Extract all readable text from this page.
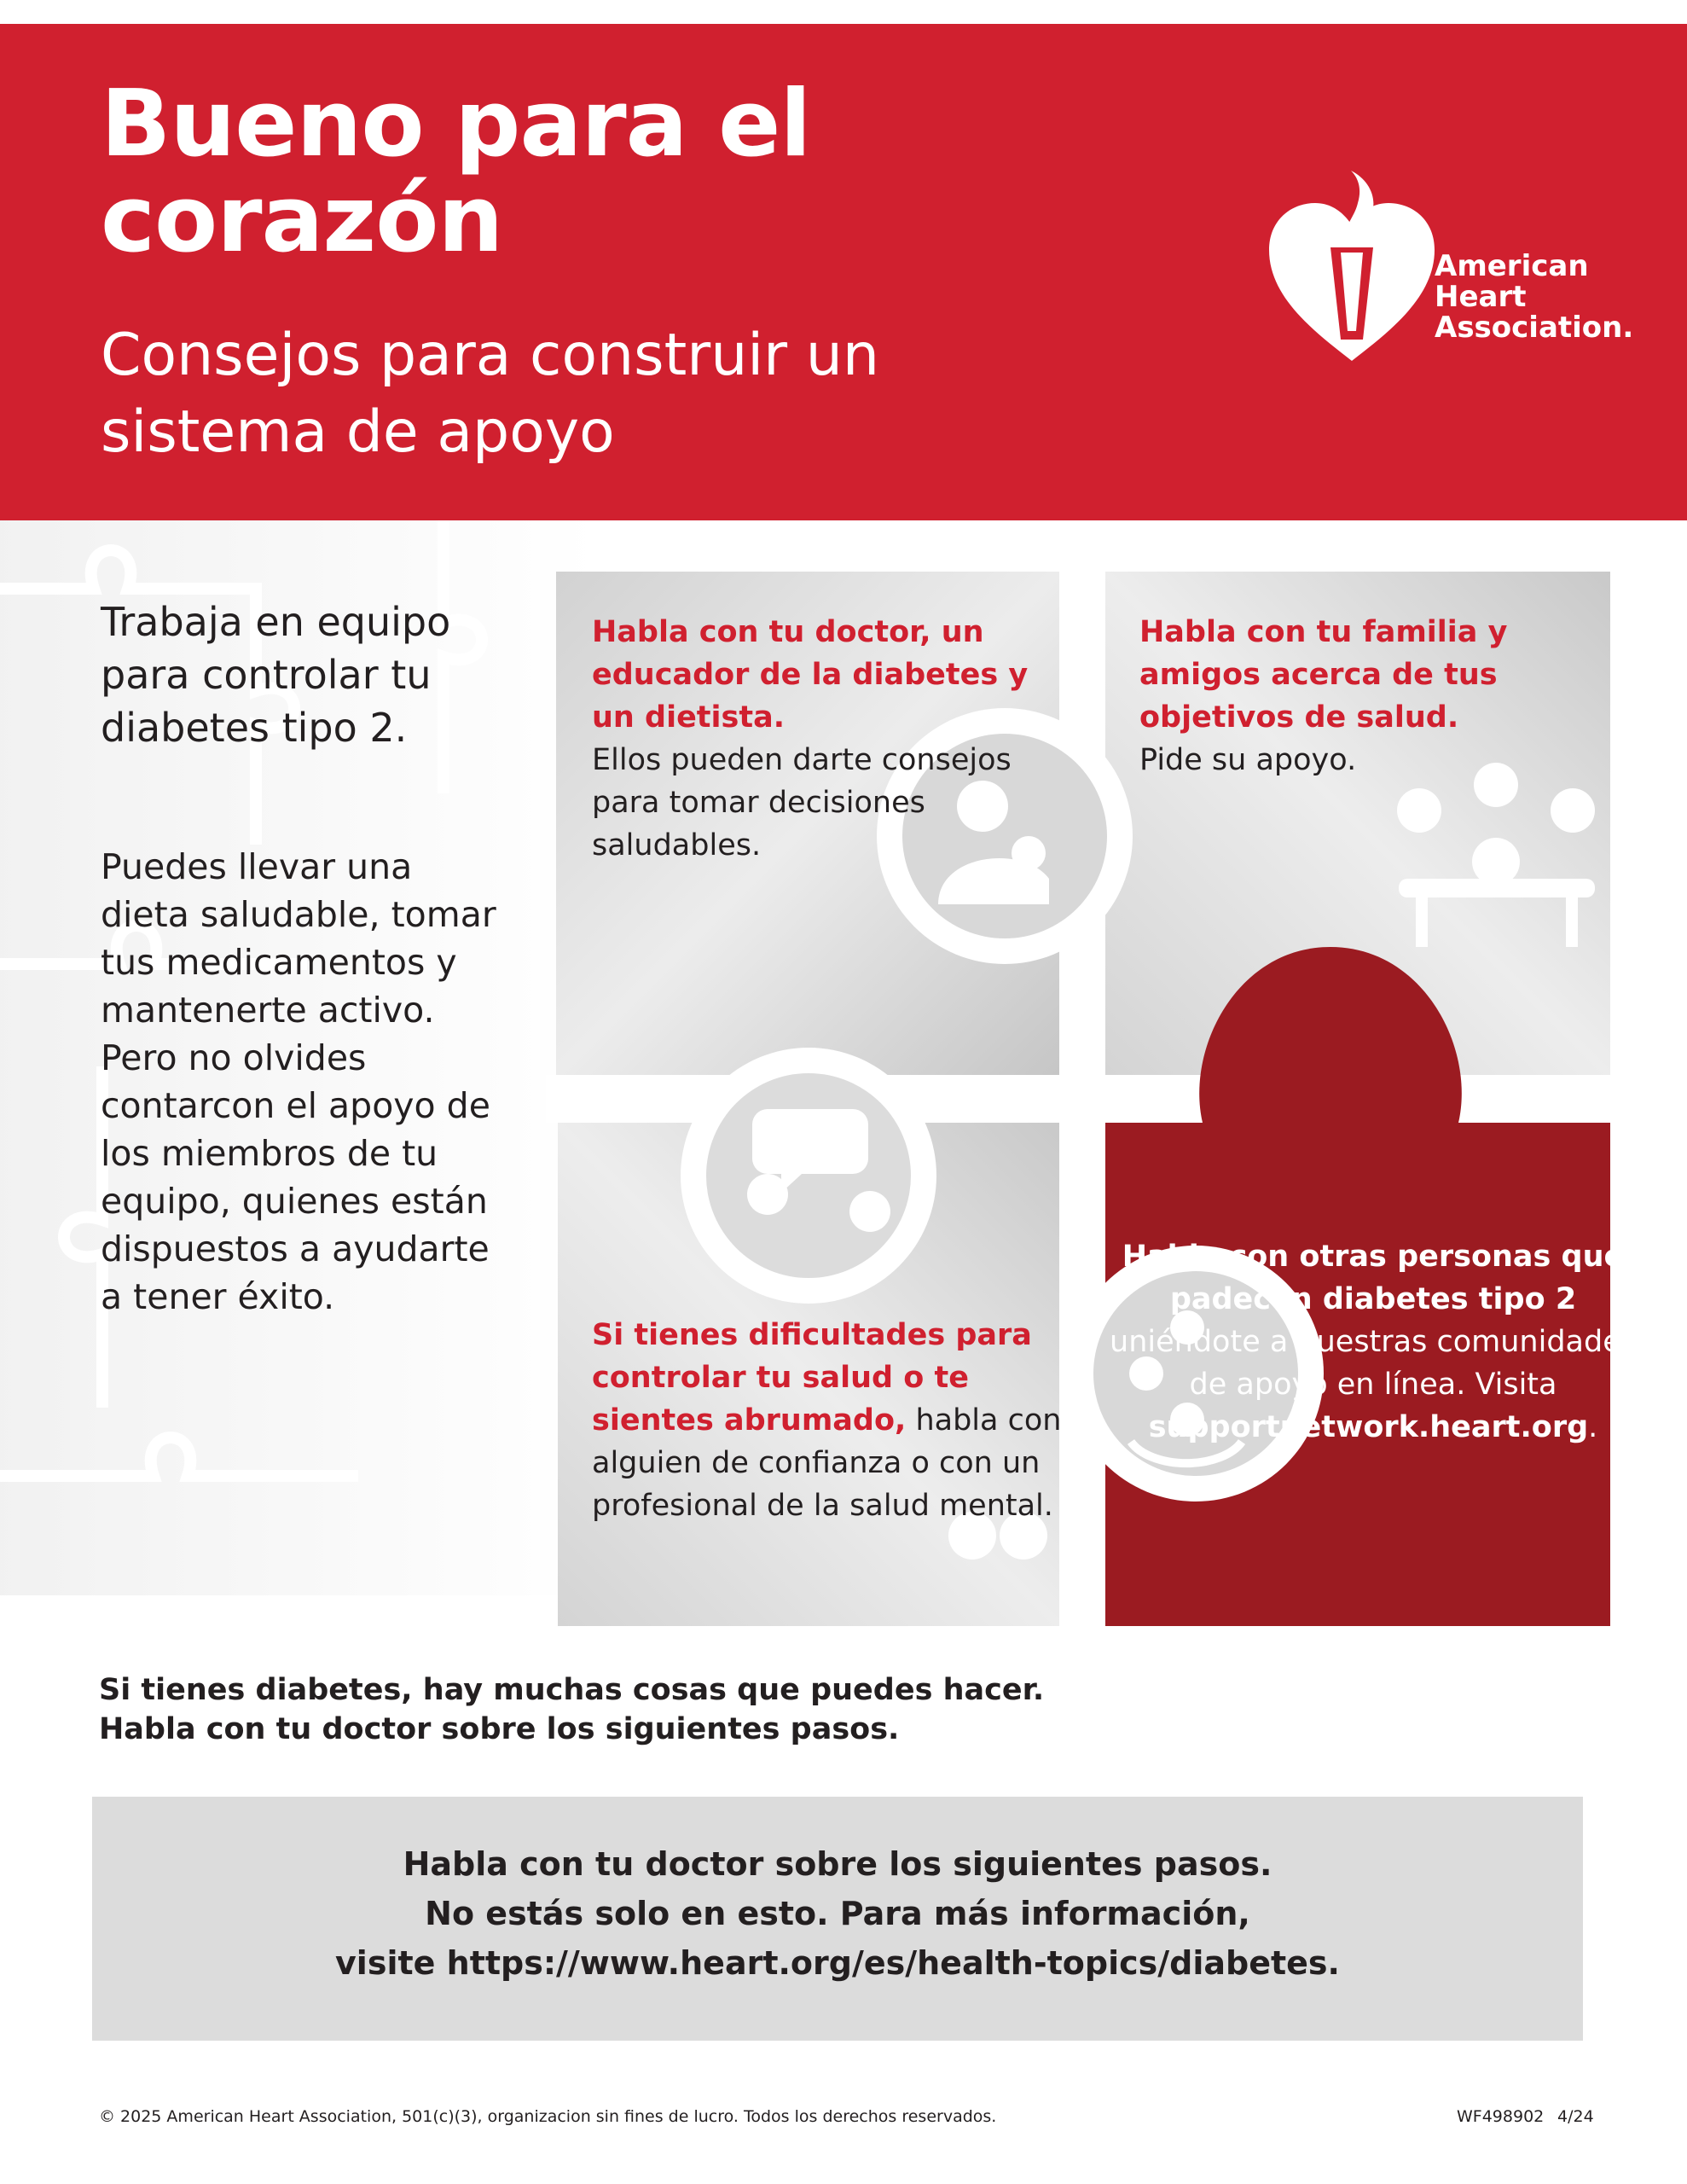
Bueno para el corazón

Consejos para construir un sistema de apoyo

American
Heart
Association.
Trabaja en equipo para controlar tu diabetes tipo 2.

Puedes llevar una dieta saludable, tomar tus medicamentos y mantenerte activo. Pero no olvides contarcon el apoyo de los miembros de tu equipo, quienes están dispuestos a ayudarte a tener éxito.

Habla con tu doctor, un educador de la diabetes y un dietista.
Ellos pueden darte consejos para tomar decisiones saludables.
Habla con tu familia y amigos acerca de tus objetivos de salud.
Pide su apoyo.
Si tienes dificultades para controlar tu salud o te sientes abrumado, habla con alguien de confianza o con un profesional de la salud mental.
Habla con otras personas que padecen diabetes tipo 2 uniéndote a nuestras comunidades de apoyo en línea. Visita supportnetwork.heart.org.

Si tienes diabetes, hay muchas cosas que puedes hacer. Habla con tu doctor sobre los siguientes pasos.

Habla con tu doctor sobre los siguientes pasos.
No estás solo en esto. Para más información,
visite https://www.heart.org/es/health-topics/diabetes.
© 2025 American Heart Association, 501(c)(3), organizacion sin fines de lucro. Todos los derechos reservados.	WF498902 4/24
